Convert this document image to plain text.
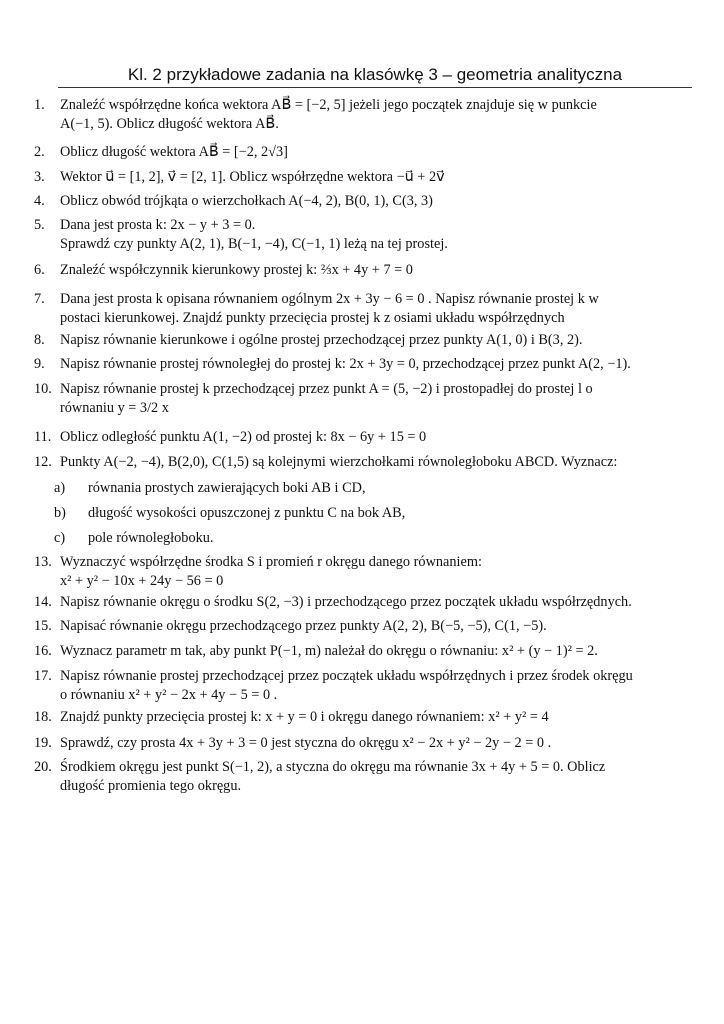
Kl. 2 przykładowe zadania na klasówkę 3 – geometria analityczna
1.	Znaleźć współrzędne końca wektora AB⃗ = [−2, 5] jeżeli jego początek znajduje się w punkcie
A(−1, 5). Oblicz długość wektora AB⃗.
2.	Oblicz długość wektora AB⃗ = [−2, 2√3]
3.	Wektor u⃗ = [1, 2], v⃗ = [2, 1]. Oblicz współrzędne wektora −u⃗ + 2v⃗
4.	Oblicz obwód trójkąta o wierzchołkach A(−4, 2), B(0, 1), C(3, 3)
5.	Dana jest prosta k: 2x − y + 3 = 0.
Sprawdź czy punkty A(2, 1), B(−1, −4), C(−1, 1) leżą na tej prostej.
6.	Znaleźć współczynnik kierunkowy prostej k: ⅔x + 4y + 7 = 0
7.	Dana jest prosta k opisana równaniem ogólnym 2x + 3y − 6 = 0 . Napisz równanie prostej k w
postaci kierunkowej. Znajdź punkty przecięcia prostej k z osiami układu współrzędnych
8.	Napisz równanie kierunkowe i ogólne prostej przechodzącej przez punkty A(1, 0) i B(3, 2).
9.	Napisz równanie prostej równoległej do prostej k: 2x + 3y = 0, przechodzącej przez punkt A(2, −1).
10. Napisz równanie prostej k przechodzącej przez punkt A = (5, −2) i prostopadłej do prostej l o
równaniu y = 3/2 x
11. Oblicz odległość punktu A(1, −2) od prostej k: 8x − 6y + 15 = 0
12. Punkty A(−2, −4), B(2,0), C(1,5) są kolejnymi wierzchołkami równoległoboku ABCD. Wyznacz:
a) równania prostych zawierających boki AB i CD,
b) długość wysokości opuszczonej z punktu C na bok AB,
c) pole równoległoboku.
13. Wyznaczyć współrzędne środka S i promień r okręgu danego równaniem:
x² + y² − 10x + 24y − 56 = 0
14. Napisz równanie okręgu o środku S(2, −3) i przechodzącego przez początek układu współrzędnych.
15. Napisać równanie okręgu przechodzącego przez punkty A(2, 2), B(−5, −5), C(1, −5).
16. Wyznacz parametr m tak, aby punkt P(−1, m) należał do okręgu o równaniu: x² + (y − 1)² = 2.
17. Napisz równanie prostej przechodzącej przez początek układu współrzędnych i przez środek okręgu
o równaniu x² + y² − 2x + 4y − 5 = 0 .
18. Znajdź punkty przecięcia prostej k: x + y = 0 i okręgu danego równaniem: x² + y² = 4
19. Sprawdź, czy prosta 4x + 3y + 3 = 0 jest styczna do okręgu x² − 2x + y² − 2y − 2 = 0 .
20. Środkiem okręgu jest punkt S(−1, 2), a styczna do okręgu ma równanie 3x + 4y + 5 = 0. Oblicz
długość promienia tego okręgu.
